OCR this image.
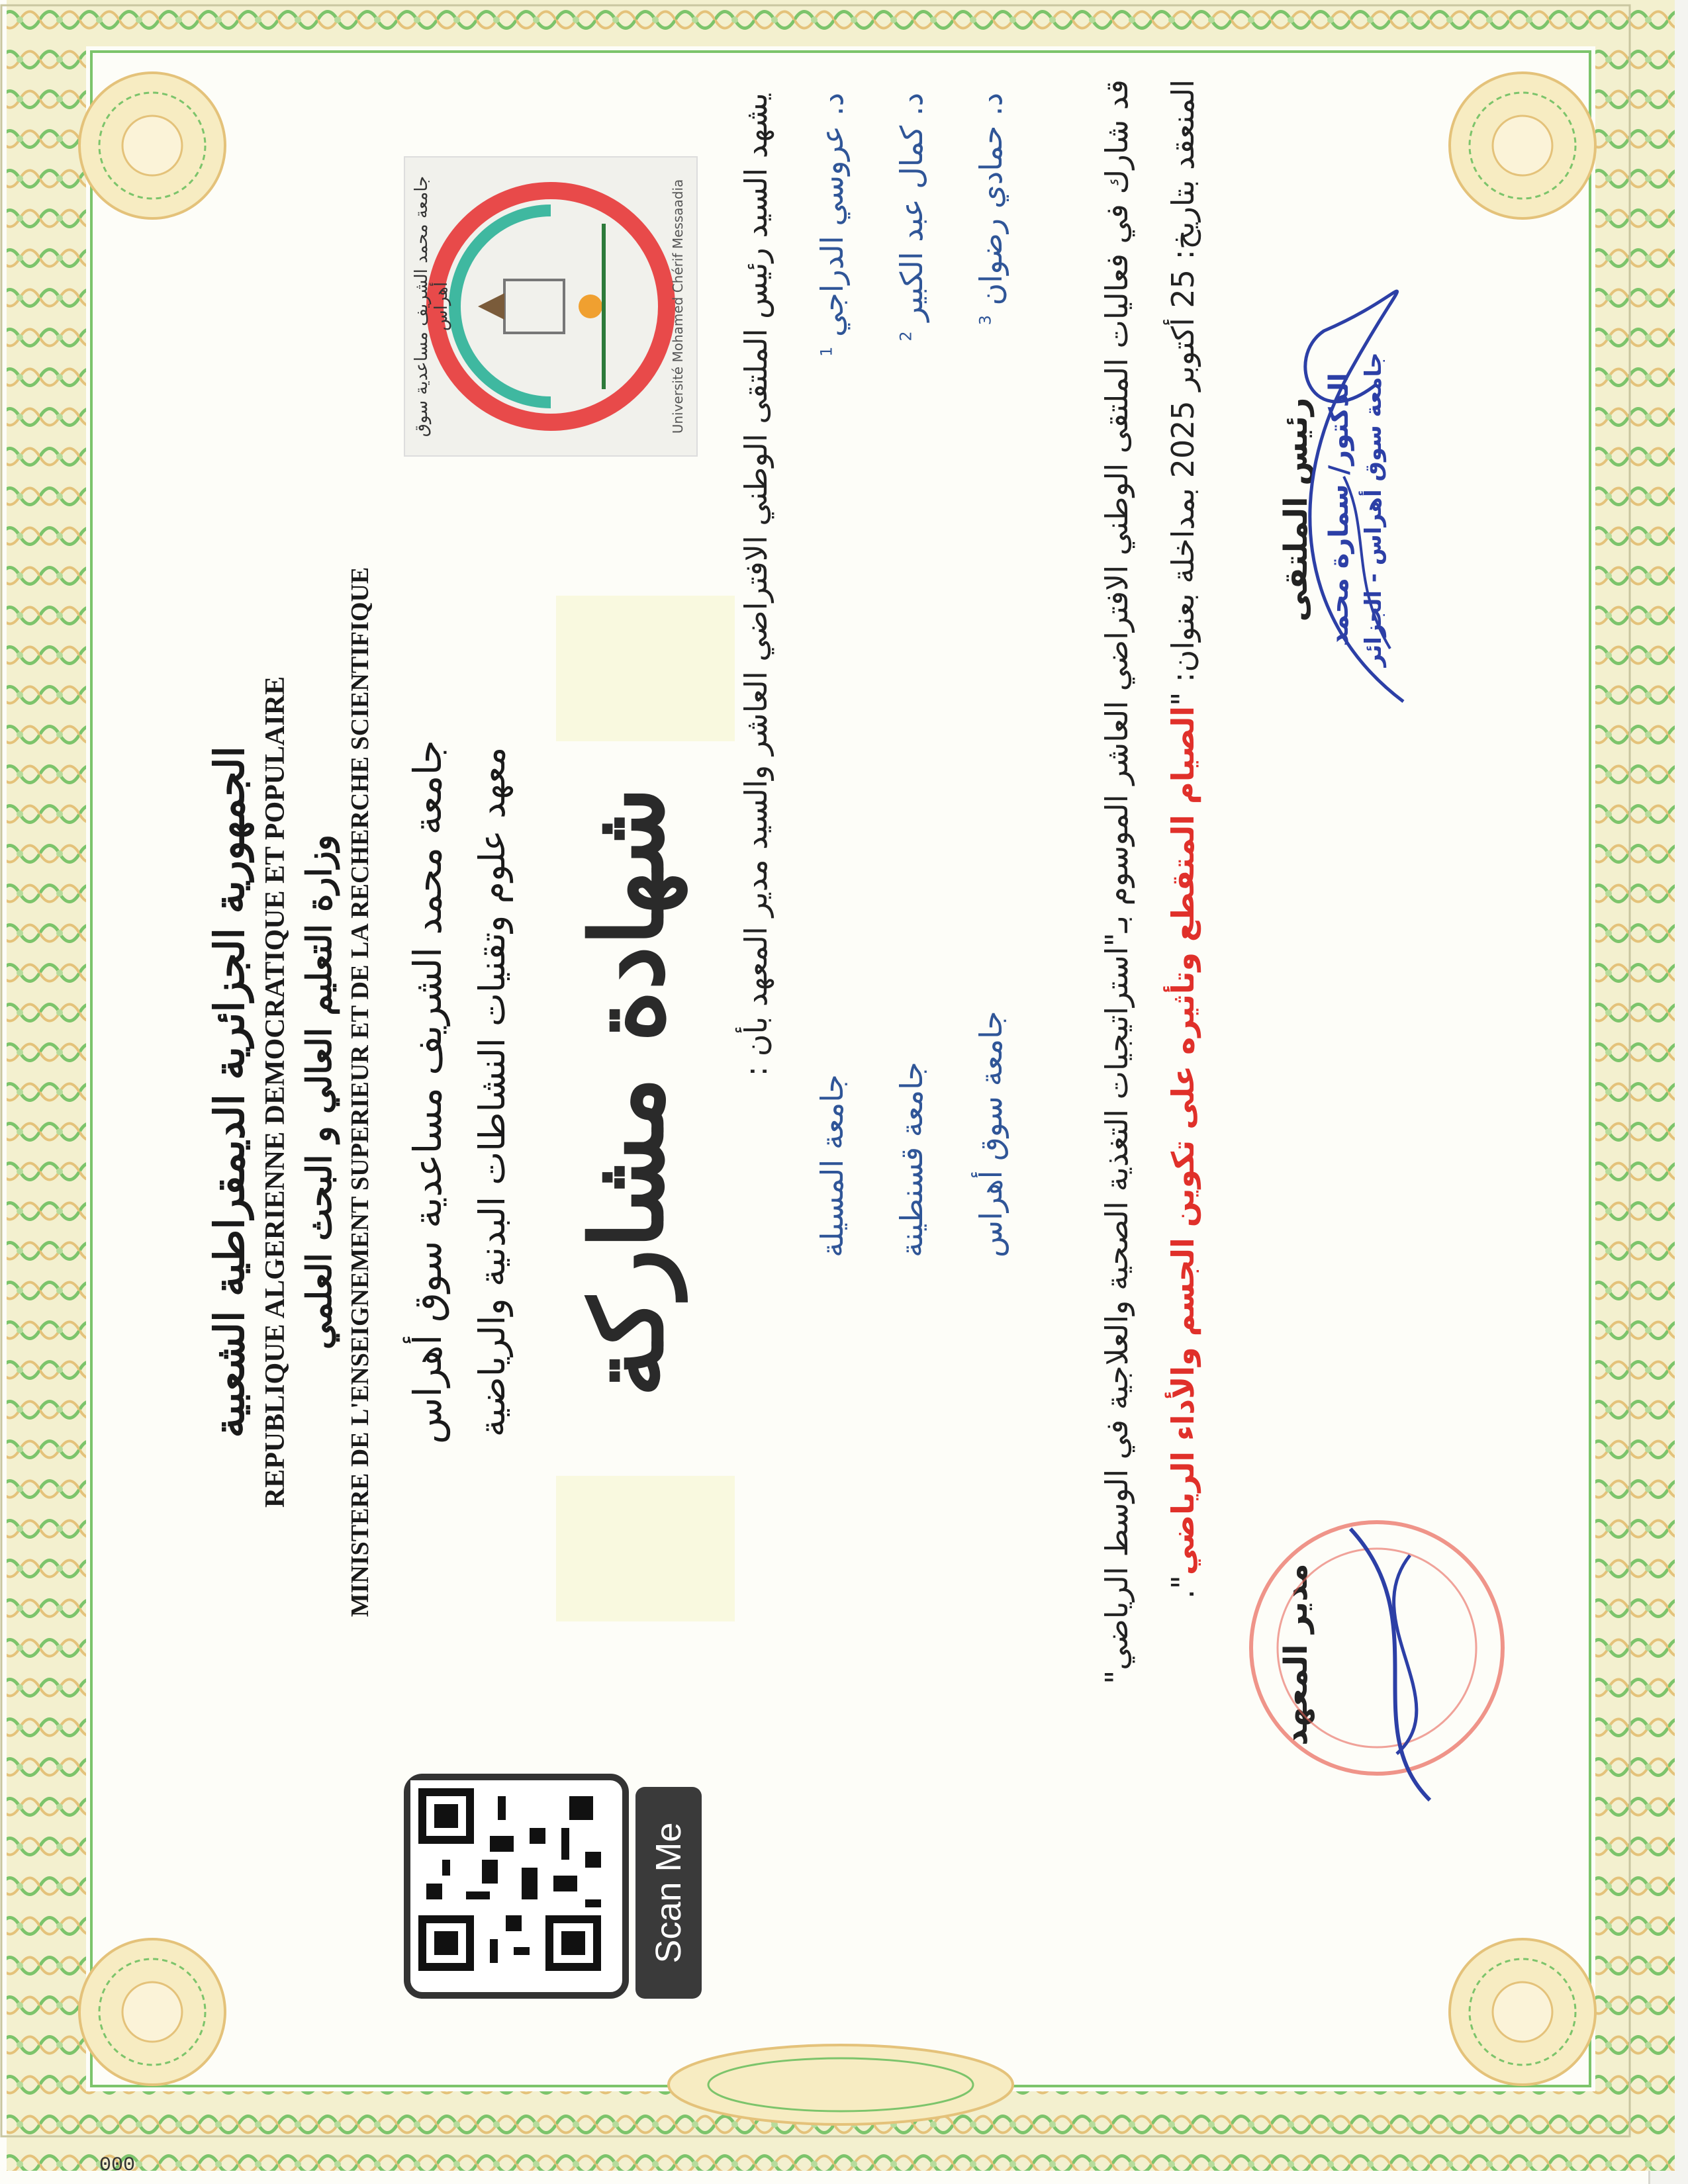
000
الجمهورية الجزائرية الديمقراطية الشعبية REPUBLIQUE ALGERIENNE DEMOCRATIQUE ET POPULAIRE وزارة التعليم العالي و البحث العلمي MINISTERE DE L'ENSEIGNEMENT SUPERIEUR ET DE LA RECHERCHE SCIENTIFIQUE جامعة محمد الشريف مساعدية سوق أهراس معهد علوم وتقنيات النشاطات البدنية والرياضية
جامعة محمد الشريف مساعدية سوق أهراس	Université Mohamed Chérif Messaadia
شهادة مشاركة
يشهد السيد رئيس الملتقى الوطني الافتراضي العاشر والسيد مدير المعهد بأن : د. عروسي الدراجي $^1$
جامعة المسيلة
د. كمال عبد الكبير $^2$
جامعة قسنطينة
د. حمادي رضوان $^3$
جامعة سوق أهراس
Scan Me
قد شارك في فعاليات الملتقى الوطني الافتراضي العاشر الموسوم بـ"استراتيجيات التغذية الصحية والعلاجية في الوسط الرياضي" المنعقد بتاريخ: 25 أكتوبر 2025 بمداخلة بعنوان: "الصيام المتقطع وتأثيره على تكوين الجسم والأداء الرياضي".
رئيس الملتقى الدكتور/ سمارة محمد جامعة سوق أهراس - الجزائر
مدير المعهد
